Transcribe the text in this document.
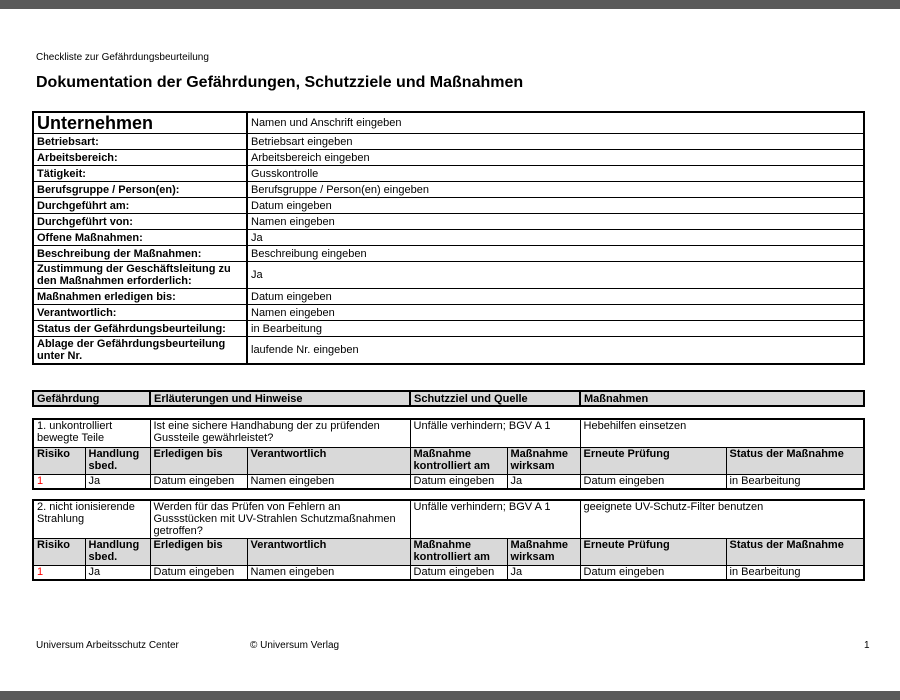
Checkliste zur Gefährdungsbeurteilung
Dokumentation der Gefährdungen, Schutzziele und Maßnahmen
Unternehmen	Namen und Anschrift eingeben
Betriebsart:	Betriebsart eingeben
Arbeitsbereich:	Arbeitsbereich eingeben
Tätigkeit:	Gusskontrolle
Berufsgruppe / Person(en):	Berufsgruppe / Person(en) eingeben
Durchgeführt am:	Datum eingeben
Durchgeführt von:	Namen eingeben
Offene Maßnahmen:	Ja
Beschreibung der Maßnahmen:	Beschreibung eingeben
Zustimmung der Geschäftsleitung zu den Maßnahmen erforderlich:	Ja
Maßnahmen erledigen bis:	Datum eingeben
Verantwortlich:	Namen eingeben
Status der Gefährdungsbeurteilung:	in Bearbeitung
Ablage der Gefährdungsbeurteilung unter Nr.	laufende Nr. eingeben
Gefährdung	Erläuterungen und Hinweise	Schutzziel und Quelle	Maßnahmen
1. unkontrolliert bewegte Teile		Ist eine sichere Handhabung der zu prüfenden Gussteile gewährleistet?		Unfälle verhindern; BGV A 1		Hebehilfen einsetzen	
Risiko	Handlung sbed.	Erledigen bis	Verantwortlich	Maßnahme kontrolliert am	Maßnahme wirksam	Erneute Prüfung	Status der Maßnahme
1	Ja	Datum eingeben	Namen eingeben	Datum eingeben	Ja	Datum eingeben	in Bearbeitung
2. nicht ionisierende Strahlung		Werden für das Prüfen von Fehlern an Gussstücken mit UV-Strahlen Schutzmaßnahmen getroffen?		Unfälle verhindern; BGV A 1		geeignete UV-Schutz-Filter benutzen	
Risiko	Handlung sbed.	Erledigen bis	Verantwortlich	Maßnahme kontrolliert am	Maßnahme wirksam	Erneute Prüfung	Status der Maßnahme
1	Ja	Datum eingeben	Namen eingeben	Datum eingeben	Ja	Datum eingeben	in Bearbeitung
Universum Arbeitsschutz Center	© Universum Verlag	1
